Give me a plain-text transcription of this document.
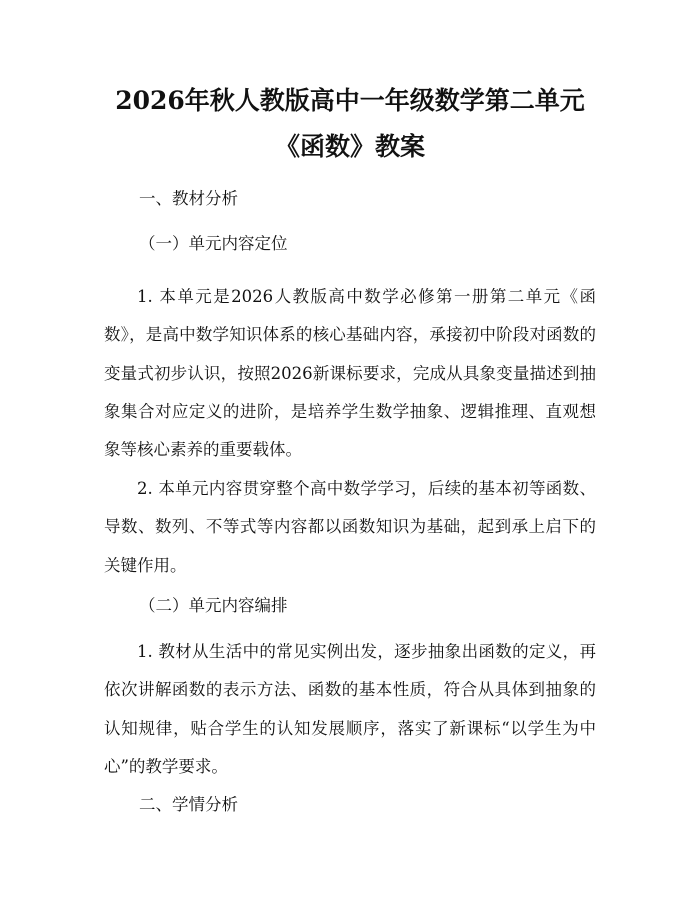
2026年秋人教版高中一年级数学第二单元
《函数》教案
一、教材分析
（一）单元内容定位
1. 本单元是2026人教版高中数学必修第一册第二单元《函数》，是高中数学知识体系的核心基础内容，承接初中阶段对函数的变量式初步认识，按照2026新课标要求，完成从具象变量描述到抽象集合对应定义的进阶，是培养学生数学抽象、逻辑推理、直观想象等核心素养的重要载体。
2. 本单元内容贯穿整个高中数学学习，后续的基本初等函数、导数、数列、不等式等内容都以函数知识为基础，起到承上启下的关键作用。
（二）单元内容编排
1. 教材从生活中的常见实例出发，逐步抽象出函数的定义，再依次讲解函数的表示方法、函数的基本性质，符合从具体到抽象的认知规律，贴合学生的认知发展顺序，落实了新课标“以学生为中心”的教学要求。
二、学情分析
